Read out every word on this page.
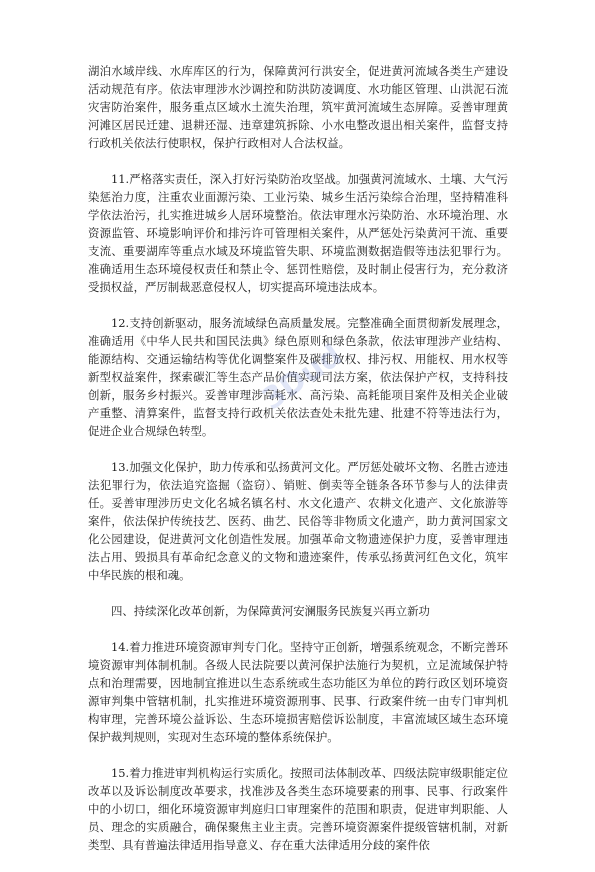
湖泊水域岸线、水库库区的行为，保障黄河行洪安全，促进黄河流域各类生产建设活动规范有序。依法审理涉水沙调控和防洪防凌调度、水功能区管理、山洪泥石流灾害防治案件，服务重点区域水土流失治理，筑牢黄河流域生态屏障。妥善审理黄河滩区居民迁建、退耕还湿、违章建筑拆除、小水电整改退出相关案件，监督支持行政机关依法行使职权，保护行政相对人合法权益。

11.严格落实责任，深入打好污染防治攻坚战。加强黄河流域水、土壤、大气污染惩治力度，注重农业面源污染、工业污染、城乡生活污染综合治理，坚持精准科学依法治污，扎实推进城乡人居环境整治。依法审理水污染防治、水环境治理、水资源监管、环境影响评价和排污许可管理相关案件，从严惩处污染黄河干流、重要支流、重要湖库等重点水域及环境监管失职、环境监测数据造假等违法犯罪行为。准确适用生态环境侵权责任和禁止令、惩罚性赔偿，及时制止侵害行为，充分救济受损权益，严厉制裁恶意侵权人，切实提高环境违法成本。

12.支持创新驱动，服务流域绿色高质量发展。完整准确全面贯彻新发展理念，准确适用《中华人民共和国民法典》绿色原则和绿色条款，依法审理涉产业结构、能源结构、交通运输结构等优化调整案件及碳排放权、排污权、用能权、用水权等新型权益案件，探索碳汇等生态产品价值实现司法方案，依法保护产权，支持科技创新，服务乡村振兴。妥善审理涉高耗水、高污染、高耗能项目案件及相关企业破产重整、清算案件，监督支持行政机关依法查处未批先建、批建不符等违法行为，促进企业合规绿色转型。

13.加强文化保护，助力传承和弘扬黄河文化。严厉惩处破坏文物、名胜古迹违法犯罪行为，依法追究盗掘（盗窃）、销赃、倒卖等全链条各环节参与人的法律责任。妥善审理涉历史文化名城名镇名村、水文化遗产、农耕文化遗产、文化旅游等案件，依法保护传统技艺、医药、曲艺、民俗等非物质文化遗产，助力黄河国家文化公园建设，促进黄河文化创造性发展。加强革命文物遗迹保护力度，妥善审理违法占用、毁损具有革命纪念意义的文物和遗迹案件，传承弘扬黄河红色文化，筑牢中华民族的根和魂。

四、持续深化改革创新，为保障黄河安澜服务民族复兴再立新功

14.着力推进环境资源审判专门化。坚持守正创新，增强系统观念，不断完善环境资源审判体制机制。各级人民法院要以黄河保护法施行为契机，立足流域保护特点和治理需要，因地制宜推进以生态系统或生态功能区为单位的跨行政区划环境资源审判集中管辖机制，扎实推进环境资源刑事、民事、行政案件统一由专门审判机构审理，完善环境公益诉讼、生态环境损害赔偿诉讼制度，丰富流域区域生态环境保护裁判规则，实现对生态环境的整体系统保护。

15.着力推进审判机构运行实质化。按照司法体制改革、四级法院审级职能定位改革以及诉讼制度改革要求，找准涉及各类生态环境要素的刑事、民事、行政案件中的小切口，细化环境资源审判庭归口审理案件的范围和职责，促进审判职能、人员、理念的实质融合，确保聚焦主业主责。完善环境资源案件提级管辖机制，对新类型、具有普遍法律适用指导意义、存在重大法律适用分歧的案件依

3Dud
